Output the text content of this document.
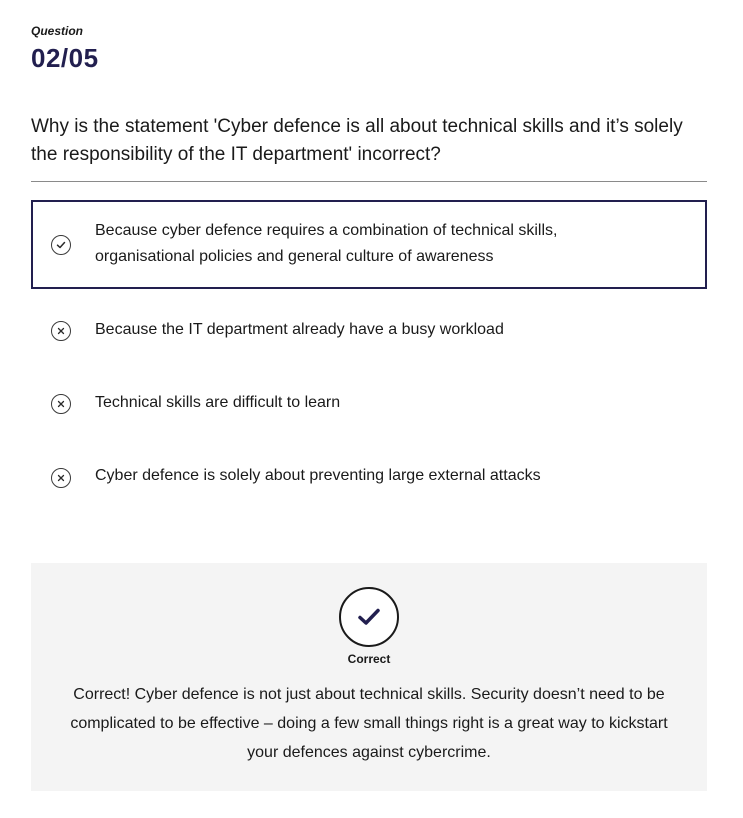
Question
02/05
Why is the statement 'Cyber defence is all about technical skills and it’s solely the responsibility of the IT department' incorrect?
Because cyber defence requires a combination of technical skills, organisational policies and general culture of awareness
Because the IT department already have a busy workload
Technical skills are difficult to learn
Cyber defence is solely about preventing large external attacks
Correct
Correct! Cyber defence is not just about technical skills. Security doesn’t need to be complicated to be effective – doing a few small things right is a great way to kickstart your defences against cybercrime.
